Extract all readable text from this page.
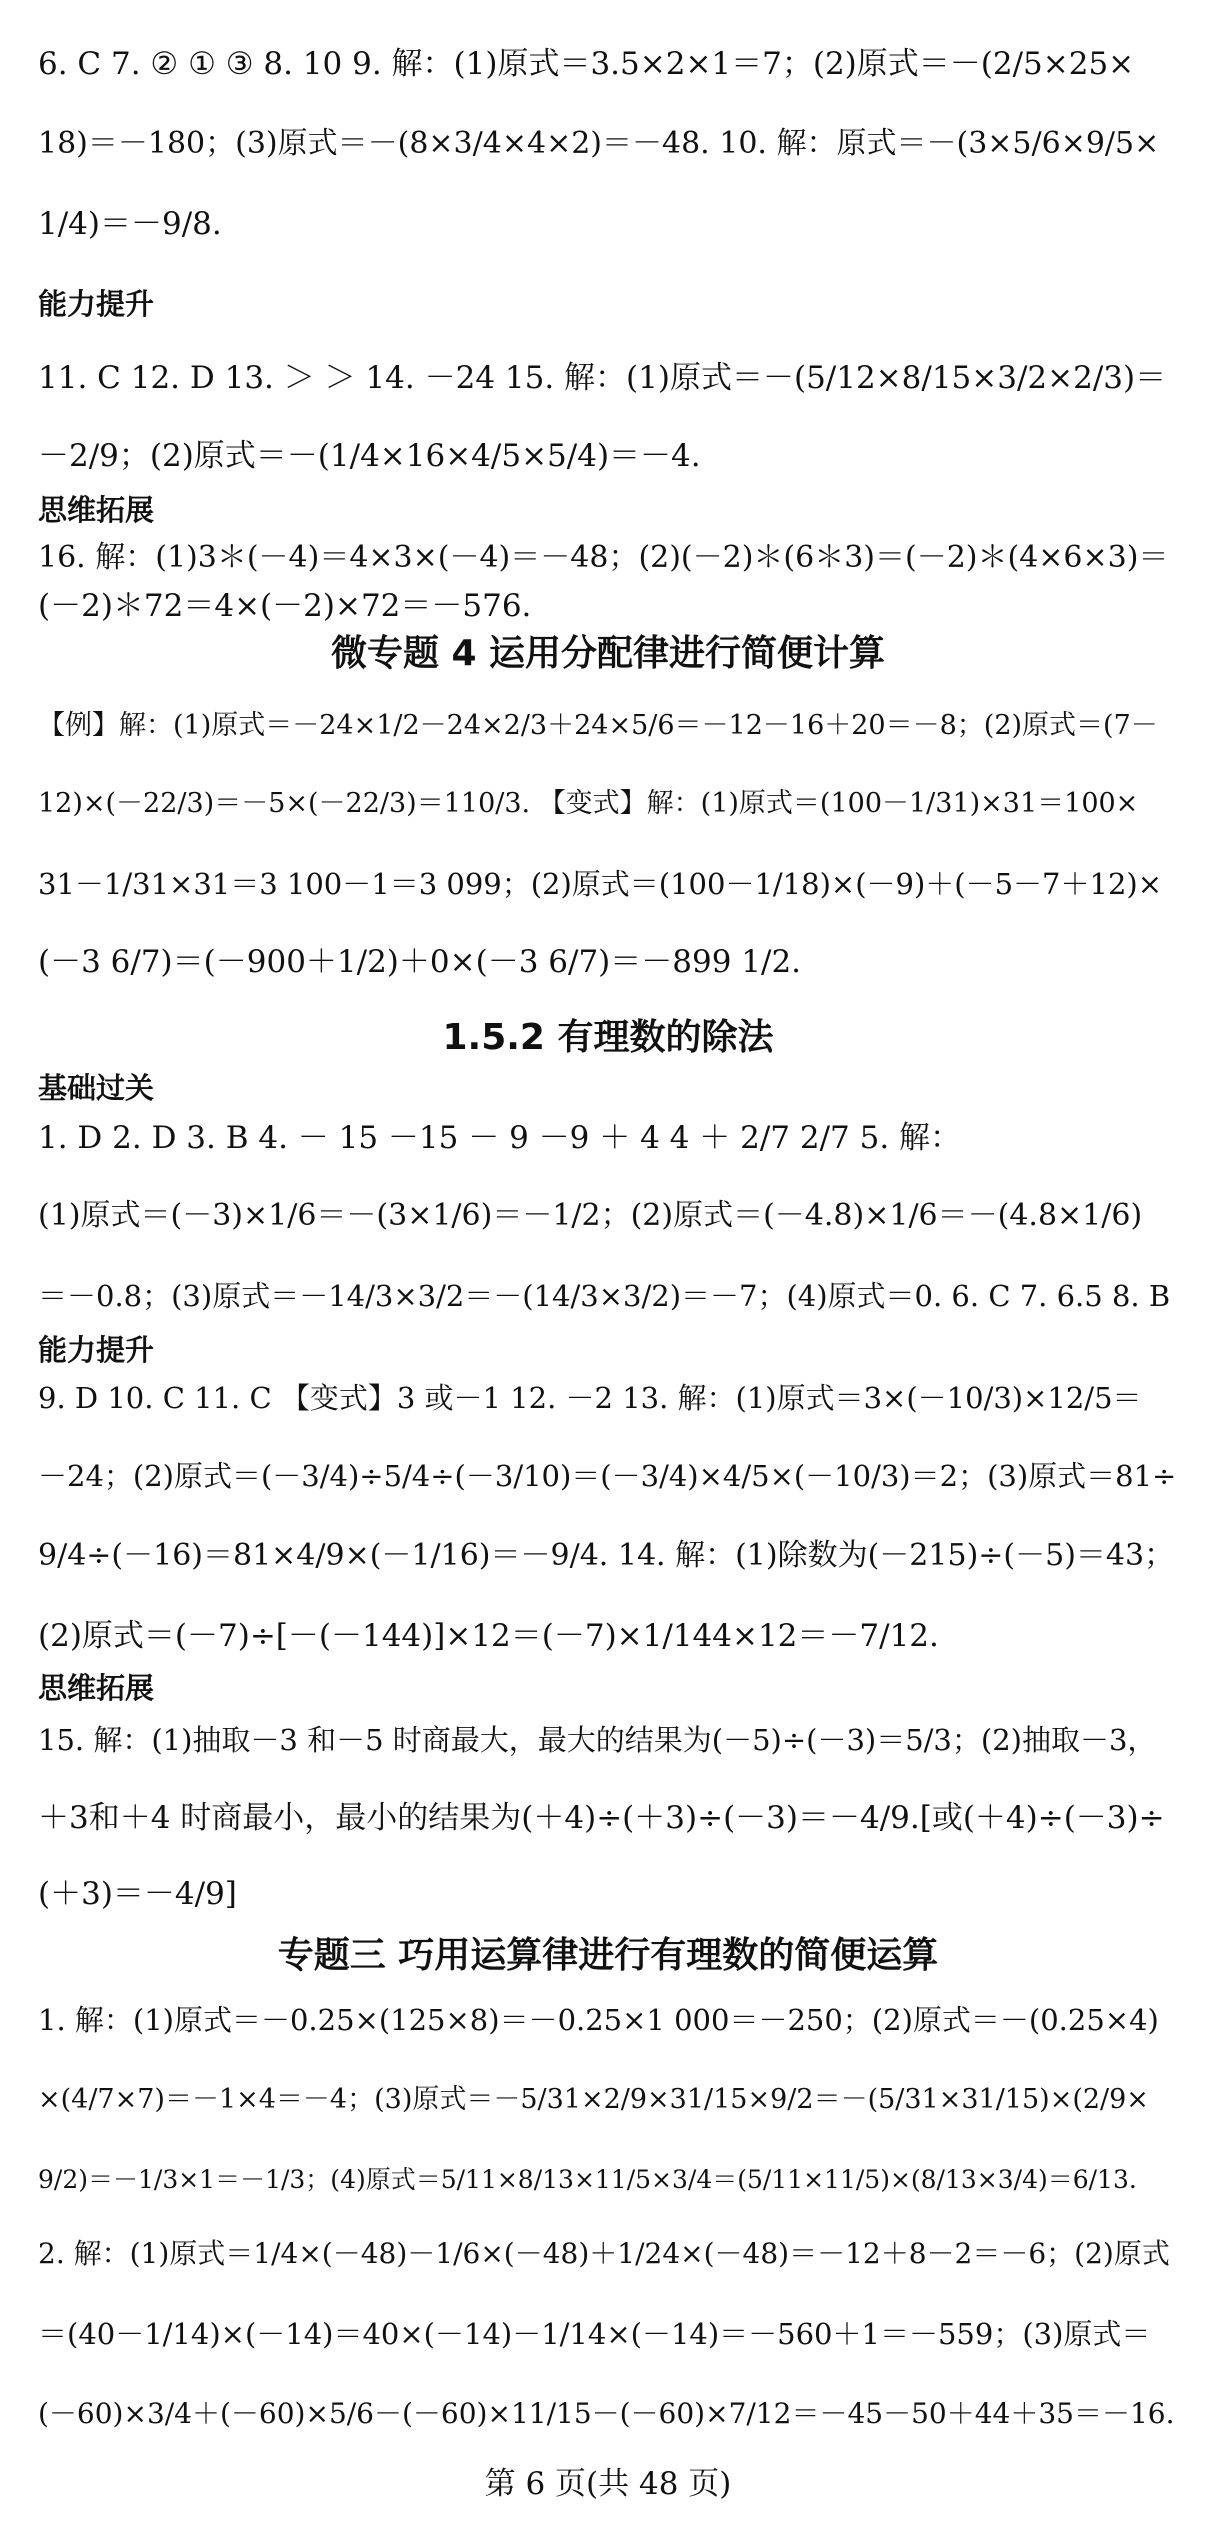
6. C 7. ② ① ③ 8. 10 9. 解：(1)原式＝3.5×2×1＝7；(2)原式＝－(2/5×25×
18)＝－180；(3)原式＝－(8×3/4×4×2)＝－48. 10. 解：原式＝－(3×5/6×9/5×
1/4)＝－9/8.
能力提升
11. C 12. D 13. ＞ ＞ 14. －24 15. 解：(1)原式＝－(5/12×8/15×3/2×2/3)＝
－2/9；(2)原式＝－(1/4×16×4/5×5/4)＝－4.
思维拓展
16. 解：(1)3＊(－4)＝4×3×(－4)＝－48；(2)(－2)＊(6＊3)＝(－2)＊(4×6×3)＝
(－2)＊72＝4×(－2)×72＝－576.
微专题 4 运用分配律进行简便计算
【例】解：(1)原式＝－24×1/2－24×2/3＋24×5/6＝－12－16＋20＝－8；(2)原式＝(7－
12)×(－22/3)＝－5×(－22/3)＝110/3. 【变式】解：(1)原式＝(100－1/31)×31＝100×
31－1/31×31＝3 100－1＝3 099；(2)原式＝(100－1/18)×(－9)＋(－5－7＋12)×
(－3 6/7)＝(－900＋1/2)＋0×(－3 6/7)＝－899 1/2.
1.5.2 有理数的除法
基础过关
1. D 2. D 3. B 4. － 15 －15 － 9 －9 ＋ 4 4 ＋ 2/7 2/7 5. 解：
(1)原式＝(－3)×1/6＝－(3×1/6)＝－1/2；(2)原式＝(－4.8)×1/6＝－(4.8×1/6)
＝－0.8；(3)原式＝－14/3×3/2＝－(14/3×3/2)＝－7；(4)原式＝0. 6. C 7. 6.5 8. B
能力提升
9. D 10. C 11. C 【变式】3 或－1 12. －2 13. 解：(1)原式＝3×(－10/3)×12/5＝
－24；(2)原式＝(－3/4)÷5/4÷(－3/10)＝(－3/4)×4/5×(－10/3)＝2；(3)原式＝81÷
9/4÷(－16)＝81×4/9×(－1/16)＝－9/4. 14. 解：(1)除数为(－215)÷(－5)＝43；
(2)原式＝(－7)÷[－(－144)]×12＝(－7)×1/144×12＝－7/12.
思维拓展
15. 解：(1)抽取－3 和－5 时商最大，最大的结果为(－5)÷(－3)＝5/3；(2)抽取－3，
＋3和＋4 时商最小，最小的结果为(＋4)÷(＋3)÷(－3)＝－4/9.[或(＋4)÷(－3)÷
(＋3)＝－4/9]
专题三 巧用运算律进行有理数的简便运算
1. 解：(1)原式＝－0.25×(125×8)＝－0.25×1 000＝－250；(2)原式＝－(0.25×4)
×(4/7×7)＝－1×4＝－4；(3)原式＝－5/31×2/9×31/15×9/2＝－(5/31×31/15)×(2/9×
9/2)＝－1/3×1＝－1/3；(4)原式＝5/11×8/13×11/5×3/4＝(5/11×11/5)×(8/13×3/4)＝6/13.
2. 解：(1)原式＝1/4×(－48)－1/6×(－48)＋1/24×(－48)＝－12＋8－2＝－6；(2)原式
＝(40－1/14)×(－14)＝40×(－14)－1/14×(－14)＝－560＋1＝－559；(3)原式＝
(－60)×3/4＋(－60)×5/6－(－60)×11/15－(－60)×7/12＝－45－50＋44＋35＝－16.
第 6 页(共 48 页)
